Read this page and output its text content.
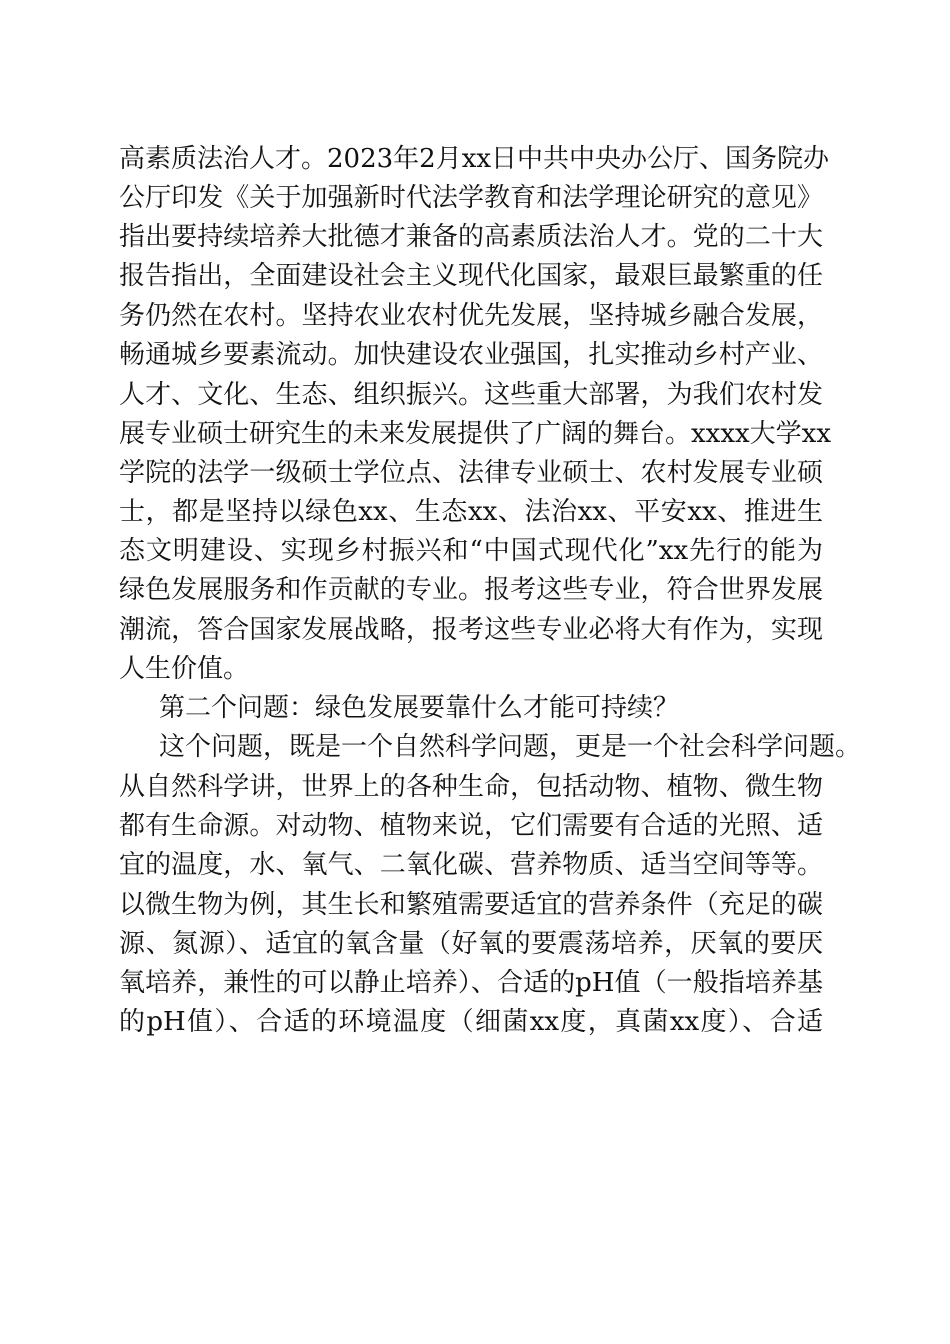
高素质法治人才。2023年2月xx日中共中央办公厅、国务院办
公厅印发《关于加强新时代法学教育和法学理论研究的意见》
指出要持续培养大批德才兼备的高素质法治人才。党的二十大
报告指出，全面建设社会主义现代化国家，最艰巨最繁重的任
务仍然在农村。坚持农业农村优先发展，坚持城乡融合发展，
畅通城乡要素流动。加快建设农业强国，扎实推动乡村产业、
人才、文化、生态、组织振兴。这些重大部署，为我们农村发
展专业硕士研究生的未来发展提供了广阔的舞台。xxxx大学xx
学院的法学一级硕士学位点、法律专业硕士、农村发展专业硕
士，都是坚持以绿色xx、生态xx、法治xx、平安xx、推进生
态文明建设、实现乡村振兴和“中国式现代化”xx先行的能为
绿色发展服务和作贡献的专业。报考这些专业，符合世界发展
潮流，答合国家发展战略，报考这些专业必将大有作为，实现
人生价值。
第二个问题：绿色发展要靠什么才能可持续？
这个问题，既是一个自然科学问题，更是一个社会科学问题。
从自然科学讲，世界上的各种生命，包括动物、植物、微生物
都有生命源。对动物、植物来说，它们需要有合适的光照、适
宜的温度，水、氧气、二氧化碳、营养物质、适当空间等等。
以微生物为例，其生长和繁殖需要适宜的营养条件（充足的碳
源、氮源）、适宜的氧含量（好氧的要震荡培养，厌氧的要厌
氧培养，兼性的可以静止培养）、合适的pH值（一般指培养基
的pH值）、合适的环境温度（细菌xx度，真菌xx度）、合适
